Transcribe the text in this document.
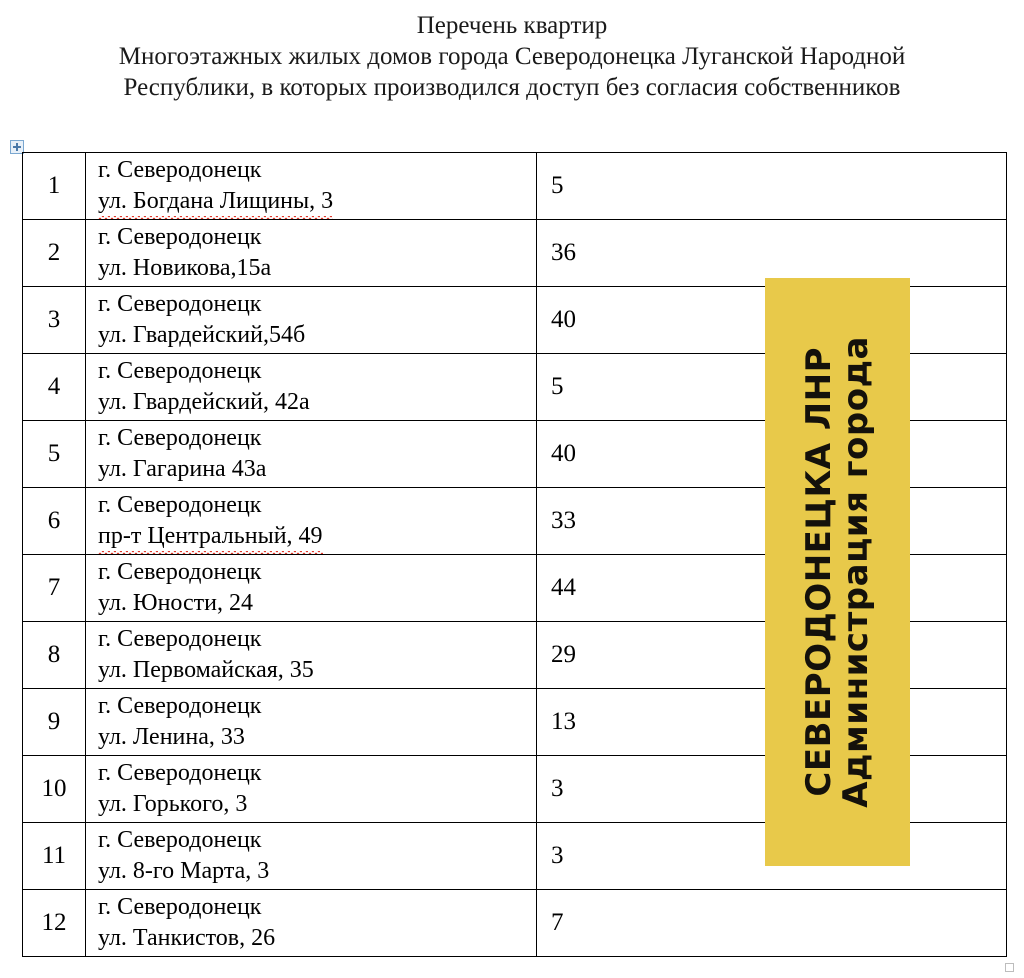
Перечень квартир
Многоэтажных жилых домов города Северодонецка Луганской Народной
Республики, в которых производился доступ без согласия собственников
1	г. Северодонецк
ул. Богдана Лищины, 3	5
2	г. Северодонецк
ул. Новикова,15а	36
3	г. Северодонецк
ул. Гвардейский,54б	40
4	г. Северодонецк
ул. Гвардейский, 42а	5
5	г. Северодонецк
ул. Гагарина 43а	40
6	г. Северодонецк
пр-т Центральный, 49	33
7	г. Северодонецк
ул. Юности, 24	44
8	г. Северодонецк
ул. Первомайская, 35	29
9	г. Северодонецк
ул. Ленина, 33	13
10	г. Северодонецк
ул. Горького, 3	3
11	г. Северодонецк
ул. 8-го Марта, 3	3
12	г. Северодонецк
ул. Танкистов, 26	7
СЕВЕРОДОНЕЦКА ЛНР
Администрация города
